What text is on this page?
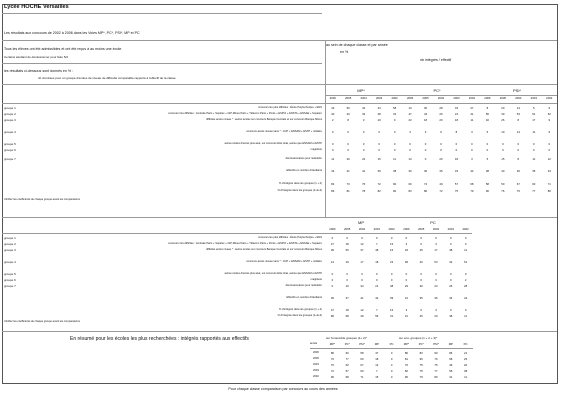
Lycée HOCHE Versailles
Les résultats aux concours de 2002 à 2006 dans les Voies MP*, PC*, PSI*, MP et PC
Tous les élèves ont été admissibles et ont été reçus à au moins une école.
Certains étudiant de démissionner pour faire 5/2
au sein de chaque classe et par année
en %
nb intégrés / effectif
les résultats ci-dessous sont donnés en % :
nb d'entrées pour un groupe d'écoles de niveau de difficulté comparable rapporté à l'effectif de la classe
MP*	PC*	PSI*
2006	2005	2004	2003	2002	2006	2005	2004	2003	2002	2006	2005	2004	2003	2002
groupe 1	concours les plus difficiles : École Polytechnique + ENS	43	50	44	44	58	13	30	28	33	27	8	20	14	5	9
groupe 2	concours très difficiles : Centrale Paris + Supélec + GIP-Mines Paris + Télécom Paris + Ponts + ESPCI + ENSTA + ENSAE + Supaéro	40	20	32	28	32	47	44	26	24	41	50	30	53	51	62
groupe 3	difficiles accès niveau * : autres écoles sur concours Banque Centrale et sur concours Banque Mines	2	8	3	10	0	23	18	20	18	11	32	26	8	17	9
groupe 4	concours accès niveau sans * : CCP + ENSAM + ESTP + militaire	0	0	0	0	0	3	3	9	8	3	5	10	14	11	9
groupe 5	autres écoles d'accès plus aisé, sur concours E3a, E4a, autres que ENSAM et ESTP	0	0	0	0	0	0	0	0	0	0	0	0	0	0	0
groupe 6	magistère	0	0	0	0	0	0	0	0	0	0	0	0	0	0	0
groupe 7	démissionnaires pour redoubler	11	20	24	15	11	13	0	20	18	3	5	15	8	11	12
Effectifs en nombre d'étudiants	44	41	41	39	38	30	36	35	33	44	38	40	36	35	34
% d'intégrés dans les groupes (1 + 2)	84	73	76	72	90	60	74	49	57	68	58	50	67	60	71
% d'intégrés dans les groupes (1+2+3)	86	81	78	82	90	83	86	72	75	79	90	76	75	77	80
Vérifiez les coefficients de chaque groupe avant les comparaisons
MP	PC
2006	2005	2004	2003	2002	2006	2005	2004	2003	2002
groupe 1	concours les plus difficiles : École Polytechnique + ENS	0	0	0	0	0	0	0	0	0	0
groupe 2	concours très difficiles : Centrale Paris + Supélec + GIP-Mines Paris + Télécom Paris + Ponts + ESPCI + ENSTA + ENSAE + Supaéro	47	18	12	7	15	3	0	3	0	0
groupe 3	difficiles accès niveau * : autres écoles sur concours Banque Centrale et sur concours Banque Mines	39	50	37	48	16	18	25	17	38	11
groupe 4	concours accès niveau sans * : CCP + ENSAM + ESTP + militaire	14	19	17	18	23	48	40	53	32	61
groupe 5	autres écoles d'accès plus aisé, sur concours E3a, E4a, autres que ENSAM et ESTP	0	0	0	0	0	0	0	0	0	0
groupe 6	magistère	0	0	0	0	0	0	0	3	0	2
groupe 7	démissionnaires pour redoubler	0	10	34	21	48	29	30	23	26	28
Effectifs en nombre d'étudiants	36	37	41	42	39	31	35	36	34	44
% d'intégrés dans les groupes (1 + 2)	47	18	12	7	15	3	0	3	0	0
% d'intégrés dans les groupes (1+2+3)	86	68	49	55	31	21	25	20	38	11
Vérifiez les coefficients de chaque groupe avant les comparaisons
En résumé pour les écoles les plus recherchées : intégrés rapportés aux effectifs	sur l'ensemble groupes (1+ 2)*	sur ens. groupes (1 + 2 + 3)*
année	MP*	PC*	PSI*	MP	PC	MP*	PC*	PSI*	MP	PC
2006	86	60	58	47	3	86	83	90	86	21
2005	70	77	60	18	0	81	95	76	68	25
2004	76	52	67	12	3	76	75	75	49	20
2003	72	57	60	7	0	82	75	77	55	38
2002	90	68	71	15	0	90	79	80	31	11
Pour chaque classe comparaison par concours au cours des années
